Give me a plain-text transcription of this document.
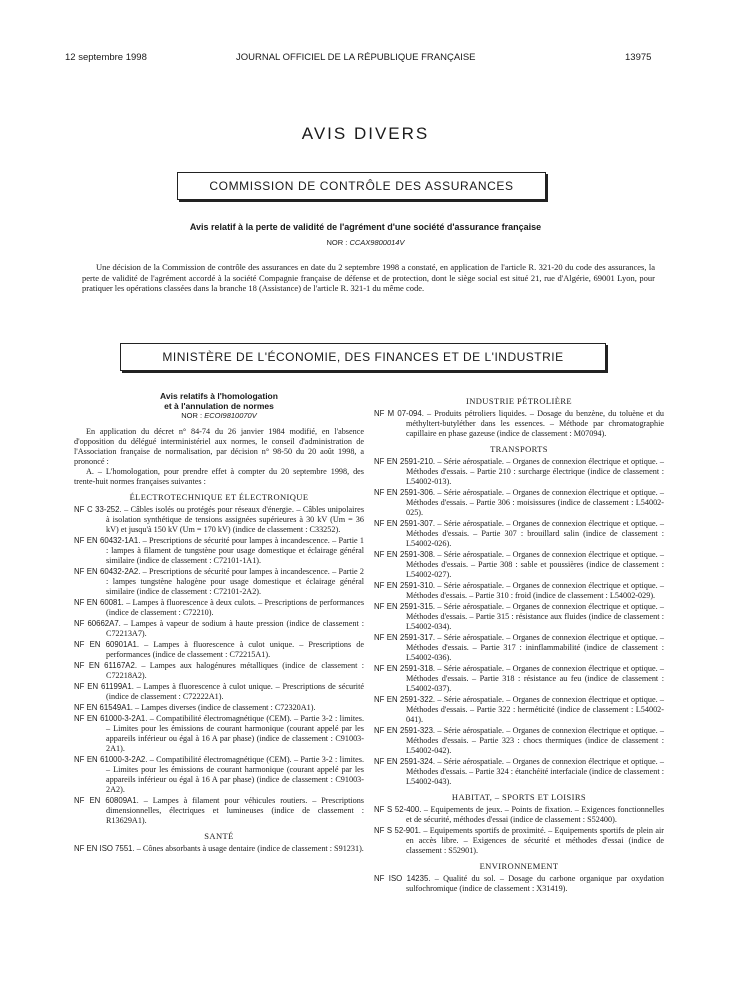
12 septembre 1998	JOURNAL OFFICIEL DE LA RÉPUBLIQUE FRANÇAISE	13975
AVIS DIVERS
COMMISSION DE CONTRÔLE DES ASSURANCES
Avis relatif à la perte de validité de l'agrément d'une société d'assurance française
NOR : CCAX9800014V

Une décision de la Commission de contrôle des assurances en date du 2 septembre 1998 a constaté, en application de l'article R. 321-20 du code des assurances, la perte de validité de l'agrément accordé à la société Compagnie française de défense et de protection, dont le siège social est situé 21, rue d'Algérie, 69001 Lyon, pour pratiquer les opérations classées dans la branche 18 (Assistance) de l'article R. 321-1 du même code.

MINISTÈRE DE L'ÉCONOMIE, DES FINANCES ET DE L'INDUSTRIE
Avis relatifs à l'homologation
et à l'annulation de normes
NOR : ECOI9810070V

En application du décret n° 84-74 du 26 janvier 1984 modifié, en l'absence d'opposition du délégué interministériel aux normes, le conseil d'administration de l'Association française de normalisation, par décision n° 98-50 du 20 août 1998, a prononcé :

A. – L'homologation, pour prendre effet à compter du 20 septembre 1998, des trente-huit normes françaises suivantes :

ÉLECTROTECHNIQUE ET ÉLECTRONIQUE
NF C 33-252. – Câbles isolés ou protégés pour réseaux d'énergie. – Câbles unipolaires à isolation synthétique de tensions assignées supérieures à 30 kV (Um = 36 kV) et jusqu'à 150 kV (Um = 170 kV) (indice de classement : C33252).
NF EN 60432-1A1. – Prescriptions de sécurité pour lampes à incandescence. – Partie 1 : lampes à filament de tungstène pour usage domestique et éclairage général similaire (indice de classement : C72101-1A1).
NF EN 60432-2A2. – Prescriptions de sécurité pour lampes à incandescence. – Partie 2 : lampes tungstène halogène pour usage domestique et éclairage général similaire (indice de classement : C72101-2A2).
NF EN 60081. – Lampes à fluorescence à deux culots. – Prescriptions de performances (indice de classement : C72210).
NF 60662A7. – Lampes à vapeur de sodium à haute pression (indice de classement : C72213A7).
NF EN 60901A1. – Lampes à fluorescence à culot unique. – Prescriptions de performances (indice de classement : C72215A1).
NF EN 61167A2. – Lampes aux halogénures métalliques (indice de classement : C72218A2).
NF EN 61199A1. – Lampes à fluorescence à culot unique. – Prescriptions de sécurité (indice de classement : C72222A1).
NF EN 61549A1. – Lampes diverses (indice de classement : C72320A1).
NF EN 61000-3-2A1. – Compatibilité électromagnétique (CEM). – Partie 3-2 : limites. – Limites pour les émissions de courant harmonique (courant appelé par les appareils inférieur ou égal à 16 A par phase) (indice de classement : C91003-2A1).
NF EN 61000-3-2A2. – Compatibilité électromagnétique (CEM). – Partie 3-2 : limites. – Limites pour les émissions de courant harmonique (courant appelé par les appareils inférieur ou égal à 16 A par phase) (indice de classement : C91003-2A2).
NF EN 60809A1. – Lampes à filament pour véhicules routiers. – Prescriptions dimensionnelles, électriques et lumineuses (indice de classement : R13629A1).
SANTÉ
NF EN ISO 7551. – Cônes absorbants à usage dentaire (indice de classement : S91231).
INDUSTRIE PÉTROLIÈRE
NF M 07-094. – Produits pétroliers liquides. – Dosage du benzène, du toluène et du méthyltert-butyléther dans les essences. – Méthode par chromatographie capillaire en phase gazeuse (indice de classement : M07094).
TRANSPORTS
NF EN 2591-210. – Série aérospatiale. – Organes de connexion électrique et optique. – Méthodes d'essais. – Partie 210 : surcharge électrique (indice de classement : L54002-013).
NF EN 2591-306. – Série aérospatiale. – Organes de connexion électrique et optique. – Méthodes d'essais. – Partie 306 : moisissures (indice de classement : L54002-025).
NF EN 2591-307. – Série aérospatiale. – Organes de connexion électrique et optique. – Méthodes d'essais. – Partie 307 : brouillard salin (indice de classement : L54002-026).
NF EN 2591-308. – Série aérospatiale. – Organes de connexion électrique et optique. – Méthodes d'essais. – Partie 308 : sable et poussières (indice de classement : L54002-027).
NF EN 2591-310. – Série aérospatiale. – Organes de connexion électrique et optique. – Méthodes d'essais. – Partie 310 : froid (indice de classement : L54002-029).
NF EN 2591-315. – Série aérospatiale. – Organes de connexion électrique et optique. – Méthodes d'essais. – Partie 315 : résistance aux fluides (indice de classement : L54002-034).
NF EN 2591-317. – Série aérospatiale. – Organes de connexion électrique et optique. – Méthodes d'essais. – Partie 317 : ininflammabilité (indice de classement : L54002-036).
NF EN 2591-318. – Série aérospatiale. – Organes de connexion électrique et optique. – Méthodes d'essais. – Partie 318 : résistance au feu (indice de classement : L54002-037).
NF EN 2591-322. – Série aérospatiale. – Organes de connexion électrique et optique. – Méthodes d'essais. – Partie 322 : herméticité (indice de classement : L54002-041).
NF EN 2591-323. – Série aérospatiale. – Organes de connexion électrique et optique. – Méthodes d'essais. – Partie 323 : chocs thermiques (indice de classement : L54002-042).
NF EN 2591-324. – Série aérospatiale. – Organes de connexion électrique et optique. – Méthodes d'essais. – Partie 324 : étanchéité interfaciale (indice de classement : L54002-043).
HABITAT, – SPORTS ET LOISIRS
NF S 52-400. – Equipements de jeux. – Points de fixation. – Exigences fonctionnelles et de sécurité, méthodes d'essai (indice de classement : S52400).
NF S 52-901. – Equipements sportifs de proximité. – Equipements sportifs de plein air en accès libre. – Exigences de sécurité et méthodes d'essai (indice de classement : S52901).
ENVIRONNEMENT
NF ISO 14235. – Qualité du sol. – Dosage du carbone organique par oxydation sulfochromique (indice de classement : X31419).
